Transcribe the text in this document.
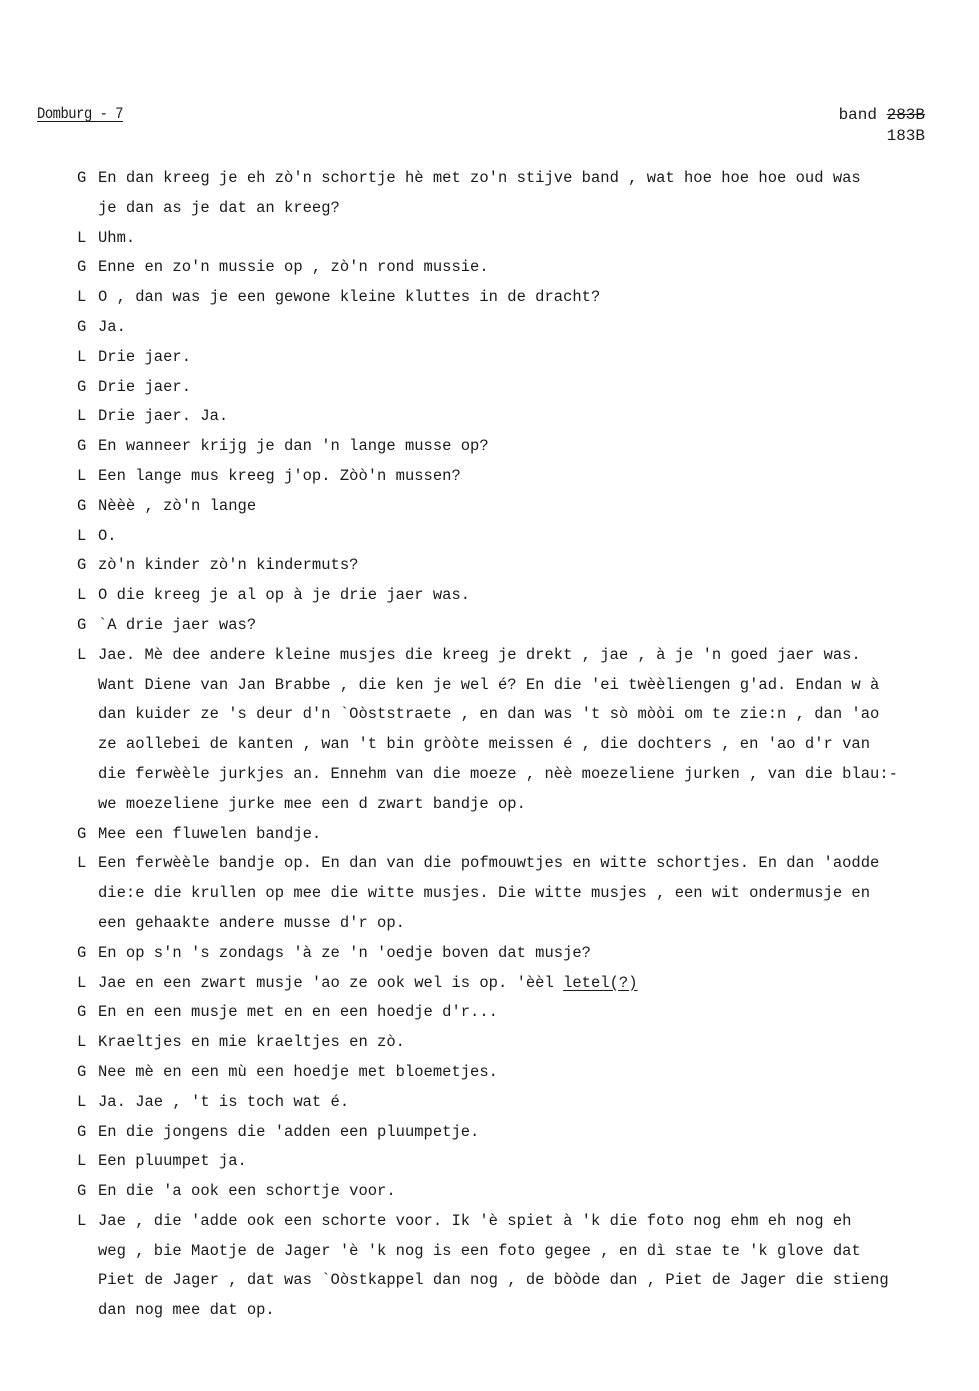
Domburg - 7	band 283B
183B
G En dan kreeg je eh zò'n schortje hè met zo'n stijve band , wat hoe hoe hoe oud was
je dan as je dat an kreeg?
L Uhm.
G Enne en zo'n mussie op , zò'n rond mussie.
L O , dan was je een gewone kleine kluttes in de dracht?
G Ja.
L Drie jaer.
G Drie jaer.
L Drie jaer. Ja.
G En wanneer krijg je dan 'n lange musse op?
L Een lange mus kreeg j'op. Zòò'n mussen?
G Nèèè , zò'n lange
L O.
G zò'n kinder zò'n kindermuts?
L O die kreeg je al op à je drie jaer was.
G `A drie jaer was?
L Jae. Mè dee andere kleine musjes die kreeg je drekt , jae , à je 'n goed jaer was.
Want Diene van Jan Brabbe , die ken je wel é? En die 'ei twèèliengen g'ad. Endan w à
dan kuider ze 's deur d'n `Oòststraete , en dan was 't sò mòòi om te zie:n , dan 'ao
ze aollebei de kanten , wan 't bin gròòte meissen é , die dochters , en 'ao d'r van
die ferwèèle jurkjes an. Ennehm van die moeze , nèè moezeliene jurken , van die blau:-
we moezeliene jurke mee een d zwart bandje op.
G Mee een fluwelen bandje.
L Een ferwèèle bandje op. En dan van die pofmouwtjes en witte schortjes. En dan 'aodde
die:e die krullen op mee die witte musjes. Die witte musjes , een wit ondermusje en
een gehaakte andere musse d'r op.
G En op s'n 's zondags 'à ze 'n 'oedje boven dat musje?
L Jae en een zwart musje 'ao ze ook wel is op. 'èèl letel(?)
G En en een musje met en en een hoedje d'r...
L Kraeltjes en mie kraeltjes en zò.
G Nee mè en een mù een hoedje met bloemetjes.
L Ja. Jae , 't is toch wat é.
G En die jongens die 'adden een pluumpetje.
L Een pluumpet ja.
G En die 'a ook een schortje voor.
L Jae , die 'adde ook een schorte voor. Ik 'è spiet à 'k die foto nog ehm eh nog eh
weg , bie Maotje de Jager 'è 'k nog is een foto gegee , en dì stae te 'k glove dat
Piet de Jager , dat was `Oòstkappel dan nog , de bòòde dan , Piet de Jager die stieng
dan nog mee dat op.
